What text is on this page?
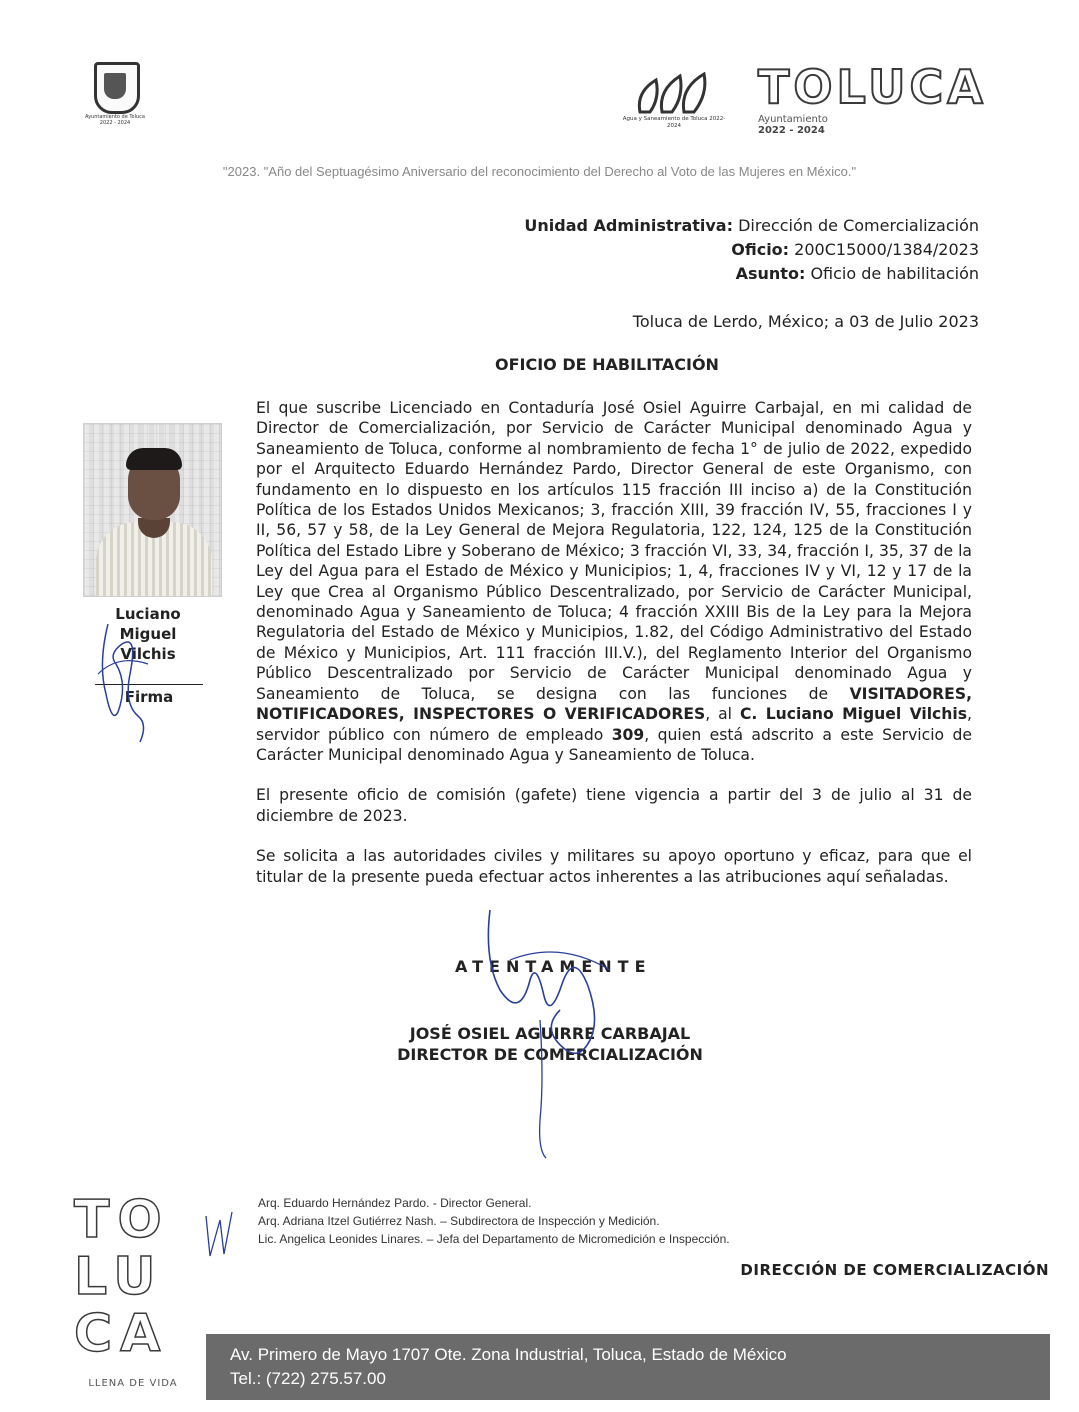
Ayuntamiento de Toluca 2022 - 2024
Agua y Saneamiento de Toluca 2022-2024
TOLUCA
Ayuntamiento
2022 - 2024
"2023. "Año del Septuagésimo Aniversario del reconocimiento del Derecho al Voto de las Mujeres en México."
Unidad Administrativa: Dirección de Comercialización
Oficio: 200C15000/1384/2023
Asunto: Oficio de habilitación
Toluca de Lerdo, México; a 03 de Julio 2023
OFICIO DE HABILITACIÓN
Luciano
Miguel
Vilchis
Firma

El que suscribe Licenciado en Contaduría José Osiel Aguirre Carbajal, en mi calidad de Director de Comercialización, por Servicio de Carácter Municipal denominado Agua y Saneamiento de Toluca, conforme al nombramiento de fecha 1° de julio de 2022, expedido por el Arquitecto Eduardo Hernández Pardo, Director General de este Organismo, con fundamento en lo dispuesto en los artículos 115 fracción III inciso a) de la Constitución Política de los Estados Unidos Mexicanos; 3, fracción XIII, 39 fracción IV, 55, fracciones I y II, 56, 57 y 58, de la Ley General de Mejora Regulatoria, 122, 124, 125 de la Constitución Política del Estado Libre y Soberano de México; 3 fracción VI, 33, 34, fracción I, 35, 37 de la Ley del Agua para el Estado de México y Municipios; 1, 4, fracciones IV y VI, 12 y 17 de la Ley que Crea al Organismo Público Descentralizado, por Servicio de Carácter Municipal, denominado Agua y Saneamiento de Toluca; 4 fracción XXIII Bis de la Ley para la Mejora Regulatoria del Estado de México y Municipios, 1.82, del Código Administrativo del Estado de México y Municipios, Art. 111 fracción III.V.), del Reglamento Interior del Organismo Público Descentralizado por Servicio de Carácter Municipal denominado Agua y Saneamiento de Toluca, se designa con las funciones de VISITADORES, NOTIFICADORES, INSPECTORES O VERIFICADORES, al C. Luciano Miguel Vilchis, servidor público con número de empleado 309, quien está adscrito a este Servicio de Carácter Municipal denominado Agua y Saneamiento de Toluca.

El presente oficio de comisión (gafete) tiene vigencia a partir del 3 de julio al 31 de diciembre de 2023.

Se solicita a las autoridades civiles y militares su apoyo oportuno y eficaz, para que el titular de la presente pueda efectuar actos inherentes a las atribuciones aquí señaladas.

ATENTAMENTE
JOSÉ OSIEL AGUIRRE CARBAJAL
DIRECTOR DE COMERCIALIZACIÓN
Arq. Eduardo Hernández Pardo. - Director General.
Arq. Adriana Itzel Gutiérrez Nash. – Subdirectora de Inspección y Medición.
Lic. Angelica Leonides Linares. – Jefa del Departamento de Micromedición e Inspección.
DIRECCIÓN DE COMERCIALIZACIÓN
TO
LU
CA
LLENA DE VIDA
Av. Primero de Mayo 1707 Ote. Zona Industrial, Toluca, Estado de México
Tel.: (722) 275.57.00
